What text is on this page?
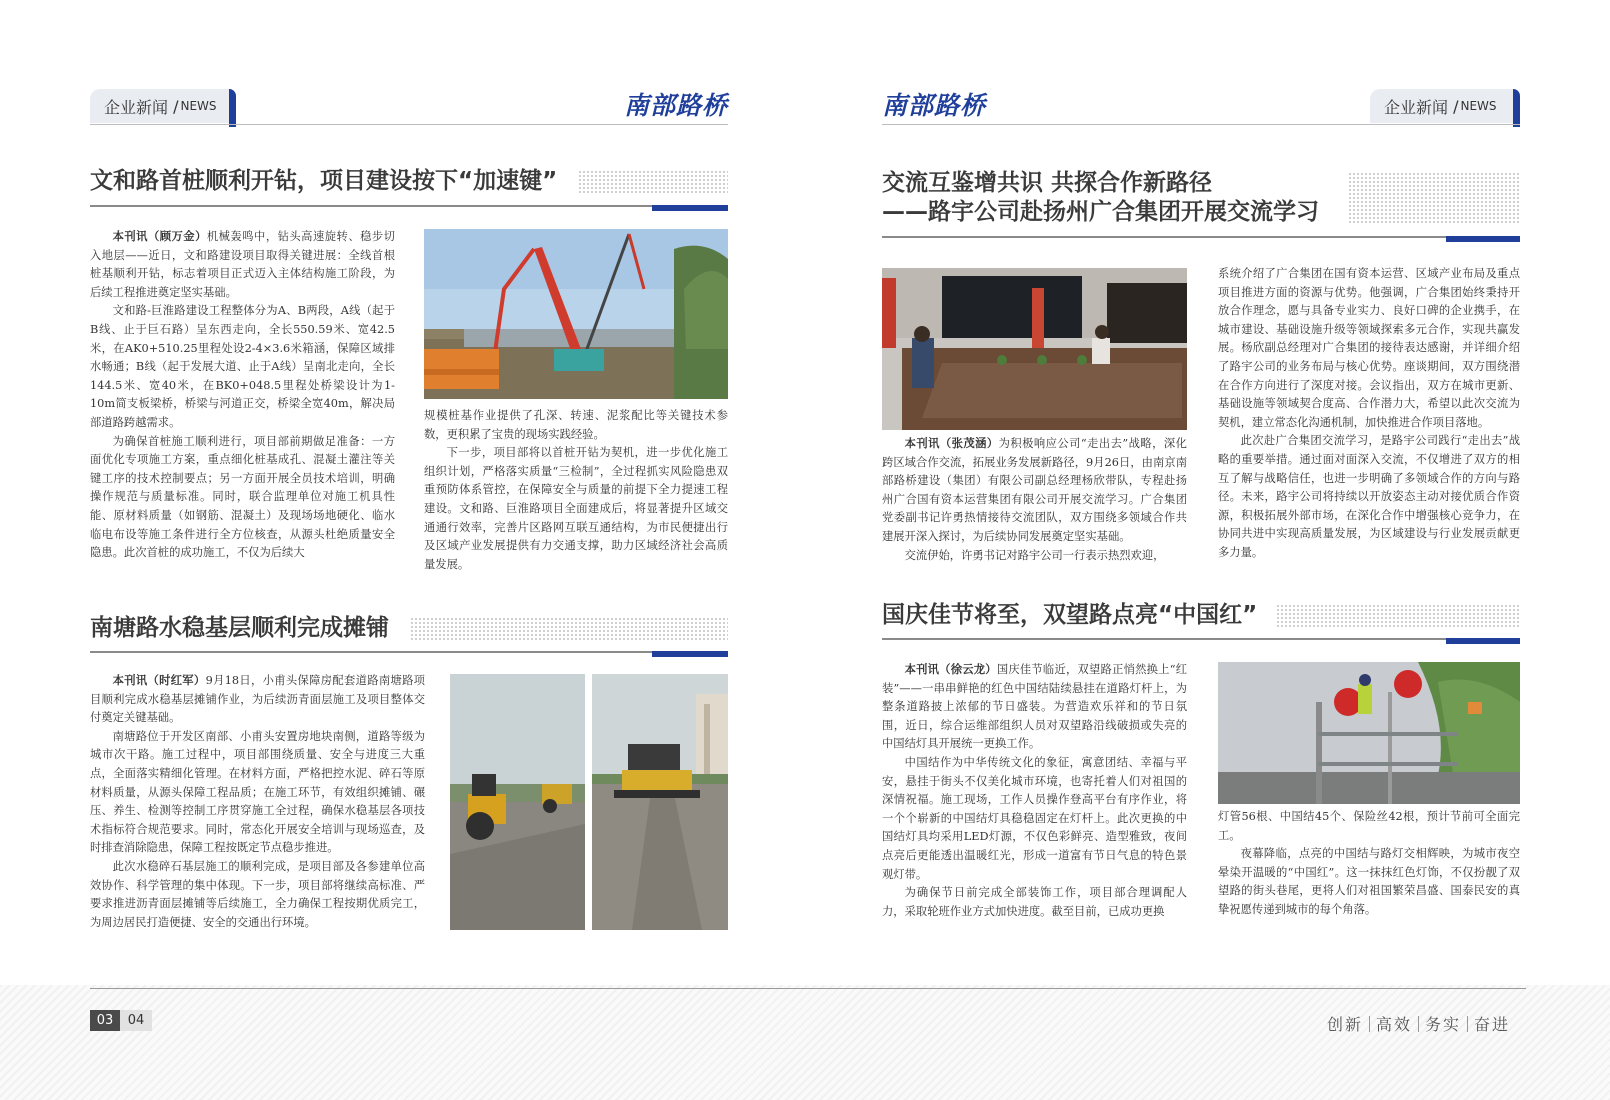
企业新闻 / NEWS	南部路桥	南部路桥	企业新闻 / NEWS
文和路首桩顺利开钻，项目建设按下“加速键”

本刊讯（顾万金）机械轰鸣中，钻头高速旋转、稳步切入地层——近日，文和路建设项目取得关键进展：全线首根桩基顺利开钻，标志着项目正式迈入主体结构施工阶段，为后续工程推进奠定坚实基础。

文和路-巨淮路建设工程整体分为A、B两段，A线（起于B线、止于巨石路）呈东西走向，全长550.59米、宽42.5米，在AK0+510.25里程处设2-4×3.6米箱涵，保障区域排水畅通；B线（起于发展大道、止于A线）呈南北走向，全长144.5米、宽40米，在BK0+048.5里程处桥梁设计为1-10m简支板梁桥，桥梁与河道正交，桥梁全宽40m，解决局部道路跨越需求。

为确保首桩施工顺利进行，项目部前期做足准备：一方面优化专项施工方案，重点细化桩基成孔、混凝土灌注等关键工序的技术控制要点；另一方面开展全员技术培训，明确操作规范与质量标准。同时，联合监理单位对施工机具性能、原材料质量（如钢筋、混凝土）及现场场地硬化、临水临电布设等施工条件进行全方位核查，从源头杜绝质量安全隐患。此次首桩的成功施工，不仅为后续大

规模桩基作业提供了孔深、转速、泥浆配比等关键技术参数，更积累了宝贵的现场实践经验。

下一步，项目部将以首桩开钻为契机，进一步优化施工组织计划，严格落实质量“三检制”，全过程抓实风险隐患双重预防体系管控，在保障安全与质量的前提下全力提速工程建设。文和路、巨淮路项目全面建成后，将显著提升区域交通通行效率，完善片区路网互联互通结构，为市民便捷出行及区域产业发展提供有力交通支撑，助力区域经济社会高质量发展。

南塘路水稳基层顺利完成摊铺

本刊讯（时红军）9月18日，小甫头保障房配套道路南塘路项目顺利完成水稳基层摊铺作业，为后续沥青面层施工及项目整体交付奠定关键基础。

南塘路位于开发区南部、小甫头安置房地块南侧，道路等级为城市次干路。施工过程中，项目部围绕质量、安全与进度三大重点，全面落实精细化管理。在材料方面，严格把控水泥、碎石等原材料质量，从源头保障工程品质；在施工环节，有效组织摊铺、碾压、养生、检测等控制工序贯穿施工全过程，确保水稳基层各项技术指标符合规范要求。同时，常态化开展安全培训与现场巡查，及时排查消除隐患，保障工程按既定节点稳步推进。

此次水稳碎石基层施工的顺利完成，是项目部及各参建单位高效协作、科学管理的集中体现。下一步，项目部将继续高标准、严要求推进沥青面层摊铺等后续施工，全力确保工程按期优质完工，为周边居民打造便捷、安全的交通出行环境。

交流互鉴增共识 共探合作新路径
——路宇公司赴扬州广合集团开展交流学习

本刊讯（张茂涵）为积极响应公司“走出去”战略，深化跨区域合作交流，拓展业务发展新路径，9月26日，由南京南部路桥建设（集团）有限公司副总经理杨欣带队，专程赴扬州广合国有资本运营集团有限公司开展交流学习。广合集团党委副书记许勇热情接待交流团队，双方围绕多领域合作共建展开深入探讨，为后续协同发展奠定坚实基础。

交流伊始，许勇书记对路宇公司一行表示热烈欢迎，

系统介绍了广合集团在国有资本运营、区域产业布局及重点项目推进方面的资源与优势。他强调，广合集团始终秉持开放合作理念，愿与具备专业实力、良好口碑的企业携手，在城市建设、基础设施升级等领域探索多元合作，实现共赢发展。杨欣副总经理对广合集团的接待表达感谢，并详细介绍了路宇公司的业务布局与核心优势。座谈期间，双方围绕潜在合作方向进行了深度对接。会议指出，双方在城市更新、基础设施等领域契合度高、合作潜力大，希望以此次交流为契机，建立常态化沟通机制，加快推进合作项目落地。

此次赴广合集团交流学习，是路宇公司践行“走出去”战略的重要举措。通过面对面深入交流，不仅增进了双方的相互了解与战略信任，也进一步明确了多领域合作的方向与路径。未来，路宇公司将持续以开放姿态主动对接优质合作资源，积极拓展外部市场，在深化合作中增强核心竞争力，在协同共进中实现高质量发展，为区域建设与行业发展贡献更多力量。

国庆佳节将至，双望路点亮“中国红”

本刊讯（徐云龙）国庆佳节临近，双望路正悄然换上“红装”——一串串鲜艳的红色中国结陆续悬挂在道路灯杆上，为整条道路披上浓郁的节日盛装。为营造欢乐祥和的节日氛围，近日，综合运维部组织人员对双望路沿线破损或失亮的中国结灯具开展统一更换工作。

中国结作为中华传统文化的象征，寓意团结、幸福与平安，悬挂于街头不仅美化城市环境，也寄托着人们对祖国的深情祝福。施工现场，工作人员操作登高平台有序作业，将一个个崭新的中国结灯具稳稳固定在灯杆上。此次更换的中国结灯具均采用LED灯源，不仅色彩鲜亮、造型雅致，夜间点亮后更能透出温暖红光，形成一道富有节日气息的特色景观灯带。

为确保节日前完成全部装饰工作，项目部合理调配人力，采取轮班作业方式加快进度。截至目前，已成功更换

灯管56根、中国结45个、保险丝42根，预计节前可全面完工。

夜幕降临，点亮的中国结与路灯交相辉映，为城市夜空晕染开温暖的“中国红”。这一抹抹红色灯饰，不仅扮靓了双望路的街头巷尾，更将人们对祖国繁荣昌盛、国泰民安的真挚祝愿传递到城市的每个角落。

03	04	创新 高效 务实 奋进
